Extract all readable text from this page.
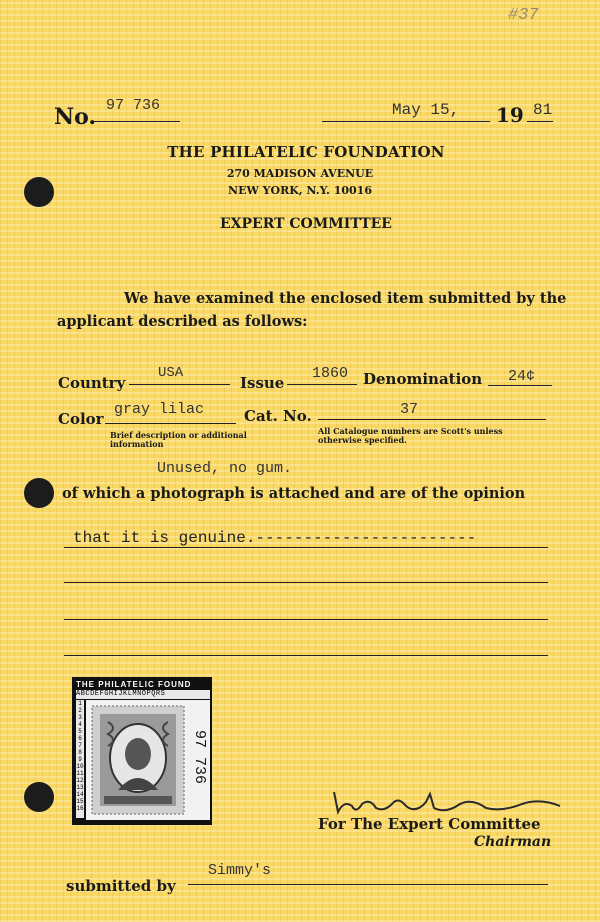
#37
No. 97 736	May 15, 19 81
THE PHILATELIC FOUNDATION
270 MADISON AVENUE
NEW YORK, N.Y. 10016
EXPERT COMMITTEE
We have examined the enclosed item submitted by the
applicant described as follows:
Country
USA
Issue
1860 Denomination 24¢
Color
gray lilac
Brief description or additional information
Cat. No.	37
All Catalogue numbers are Scott's unless otherwise specified.
Unused, no gum.
of which a photograph is attached and are of the opinion
that it is genuine.-----------------------
THE PHILATELIC FOUND
ABCDEFGHIJKLMNOPQRS
1 2 3 4 5 6 7 8 9 10 11 12 13 14 15 16
97 736
For The Expert Committee
Chairman
submitted by
Simmy's
